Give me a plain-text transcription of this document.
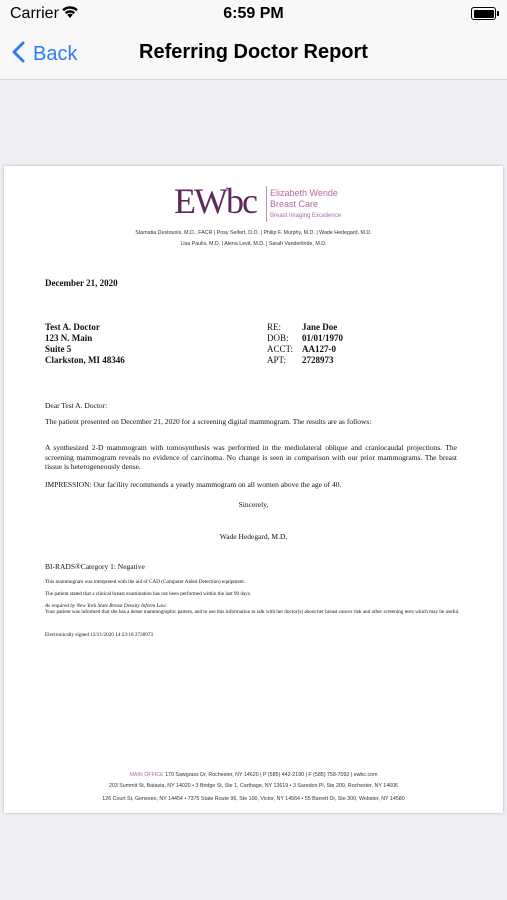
Carrier	6:59 PM
Back	Referring Doctor Report
EWbc Elizabeth Wende
Breast Care
Breast Imaging Excellence
Stamatia Destounis, M.D., FACR | Posy Seifert, D.O. | Philip F. Murphy, M.D. | Wade Hedegard, M.D.
Lisa Paulis, M.D. | Alena Levit, M.D. | Sarah Vanderlinde, M.D.
December 21, 2020
Test A. Doctor
123 N. Main
Suite 5
Clarkston, MI 48346
RE:	Jane Doe
DOB:	01/01/1970
ACCT: AA127-0
APT:	2728973
Dear Test A. Doctor:
The patient presented on December 21, 2020 for a screening digital mammogram. The results are as follows:
A synthesized 2-D mammogram with tomosynthesis was performed in the mediolateral oblique and craniocaudal projections. The screening mammogram reveals no evidence of carcinoma. No change is seen in comparison with our prior mammograms. The breast tissue is heterogeneously dense.
IMPRESSION: Our facility recommends a yearly mammogram on all women above the age of 40.
Sincerely,
Wade Hedegard, M.D.
BI-RADS®Category 1: Negative
This mammogram was interpreted with the aid of CAD (Computer Aided Detection) equipment.
The patient stated that a clinical breast examination has not been performed within the last 90 days.
As required by New York State Breast Density Inform Law:
Your patient was informed that she has a dense mammographic pattern, and to use this information to talk with her doctor(s) about her breast cancer risk and other screening tests which may be useful.
Electronically signed 12/21/2020 14:23:18 2728973
MAIN OFFICE 170 Sawgrass Dr, Rochester, NY 14620 | P (585) 442-2190 | F (585) 758-7092 | ewbc.com
203 Summit St, Batavia, NY 14020 • 3 Bridge St, Ste 1, Carthage, NY 13619 • 3 Saredon Pl, Ste 200, Rochester, NY 14606
126 Court St, Geneseo, NY 14454 • 7375 State Route 96, Ste 100, Victor, NY 14564 • 55 Barrett Dr, Ste 300, Webster, NY 14580
